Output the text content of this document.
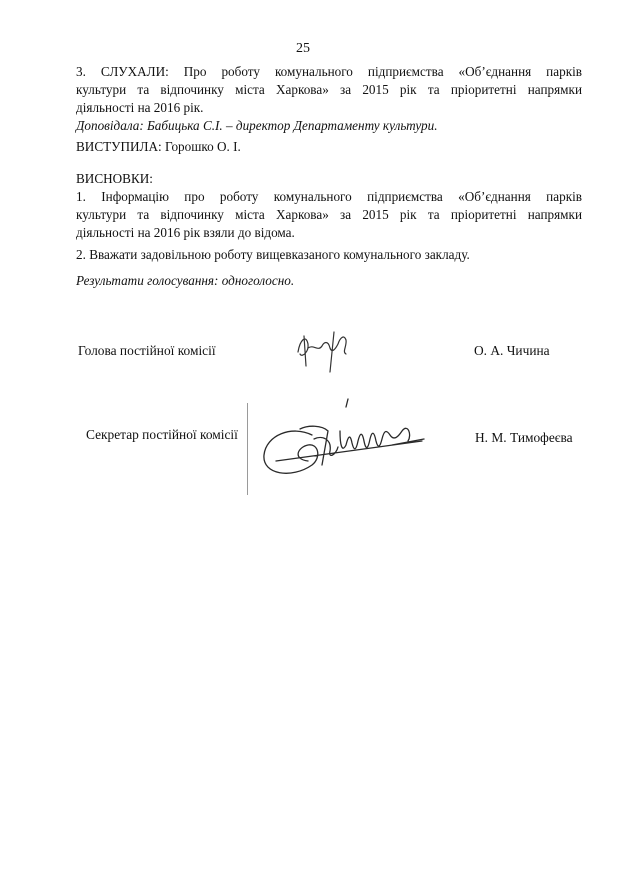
25
3. СЛУХАЛИ: Про роботу комунального підприємства «Об’єднання парків
культури та відпочинку міста Харкова» за 2015 рік та пріоритетні напрямки
діяльності на 2016 рік.
Доповідала: Бабицька С.І. – директор Департаменту культури.
ВИСТУПИЛА: Горошко О. І.
ВИСНОВКИ:
1. Інформацію про роботу комунального підприємства «Об’єднання парків
культури та відпочинку міста Харкова» за 2015 рік та пріоритетні напрямки
діяльності на 2016 рік взяли до відома.
2. Вважати задовільною роботу вищевказаного комунального закладу.
Результати голосування: одноголосно.
Голова постійної комісії	О. А. Чичина
Секретар постійної комісії	Н. М. Тимофеєва
